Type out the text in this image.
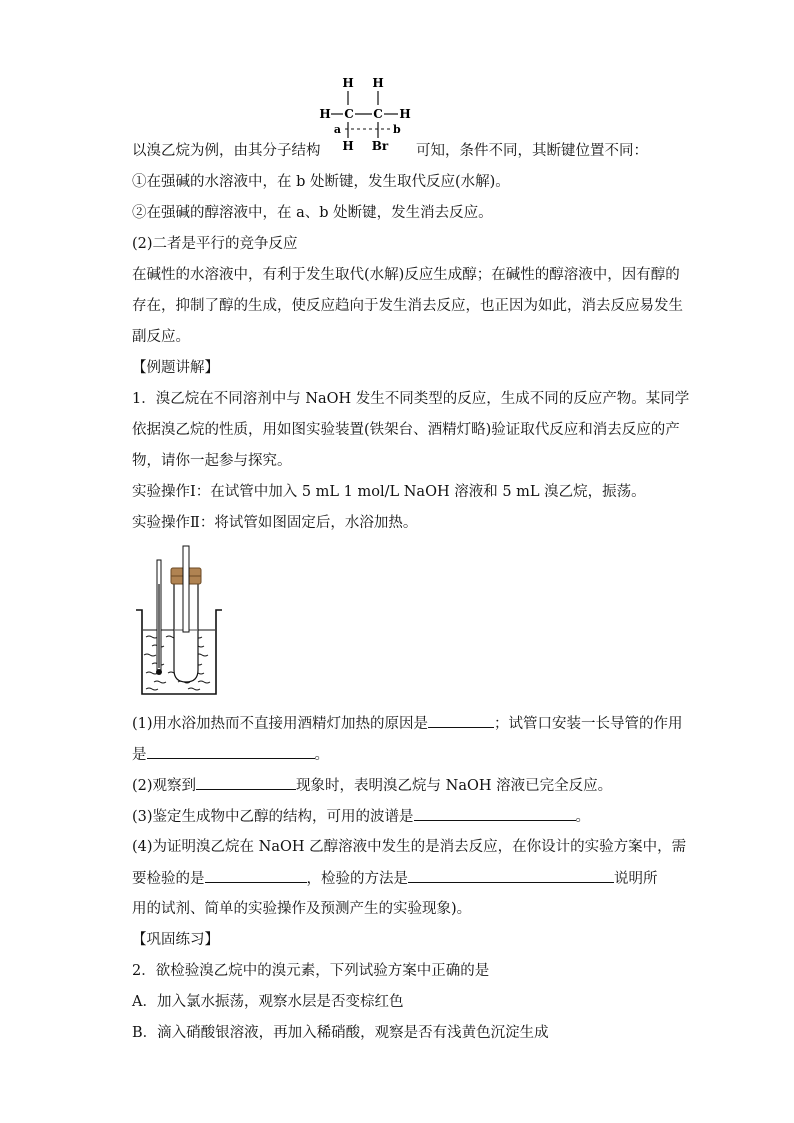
H H
H C C H
a	b
H Br
以溴乙烷为例，由其分子结构	可知，条件不同，其断键位置不同：
①在强碱的水溶液中，在 b 处断键，发生取代反应(水解)。
②在强碱的醇溶液中，在 a、b 处断键，发生消去反应。
(2)二者是平行的竞争反应
在碱性的水溶液中，有利于发生取代(水解)反应生成醇；在碱性的醇溶液中，因有醇的
存在，抑制了醇的生成，使反应趋向于发生消去反应，也正因为如此，消去反应易发生
副反应。
【例题讲解】
1．溴乙烷在不同溶剂中与 NaOH 发生不同类型的反应，生成不同的反应产物。某同学
依据溴乙烷的性质，用如图实验装置(铁架台、酒精灯略)验证取代反应和消去反应的产
物，请你一起参与探究。
实验操作Ⅰ：在试管中加入 5 mL 1 mol/L NaOH 溶液和 5 mL 溴乙烷，振荡。
实验操作Ⅱ：将试管如图固定后，水浴加热。
(1)用水浴加热而不直接用酒精灯加热的原因是	；试管口安装一长导管的作用
是	。
(2)观察到	现象时，表明溴乙烷与 NaOH 溶液已完全反应。
(3)鉴定生成物中乙醇的结构，可用的波谱是	。
(4)为证明溴乙烷在 NaOH 乙醇溶液中发生的是消去反应，在你设计的实验方案中，需
要检验的是	，检验的方法是	说明所
用的试剂、简单的实验操作及预测产生的实验现象)。
【巩固练习】
2．欲检验溴乙烷中的溴元素，下列试验方案中正确的是
A．加入氯水振荡，观察水层是否变棕红色
B．滴入硝酸银溶液，再加入稀硝酸，观察是否有浅黄色沉淀生成
